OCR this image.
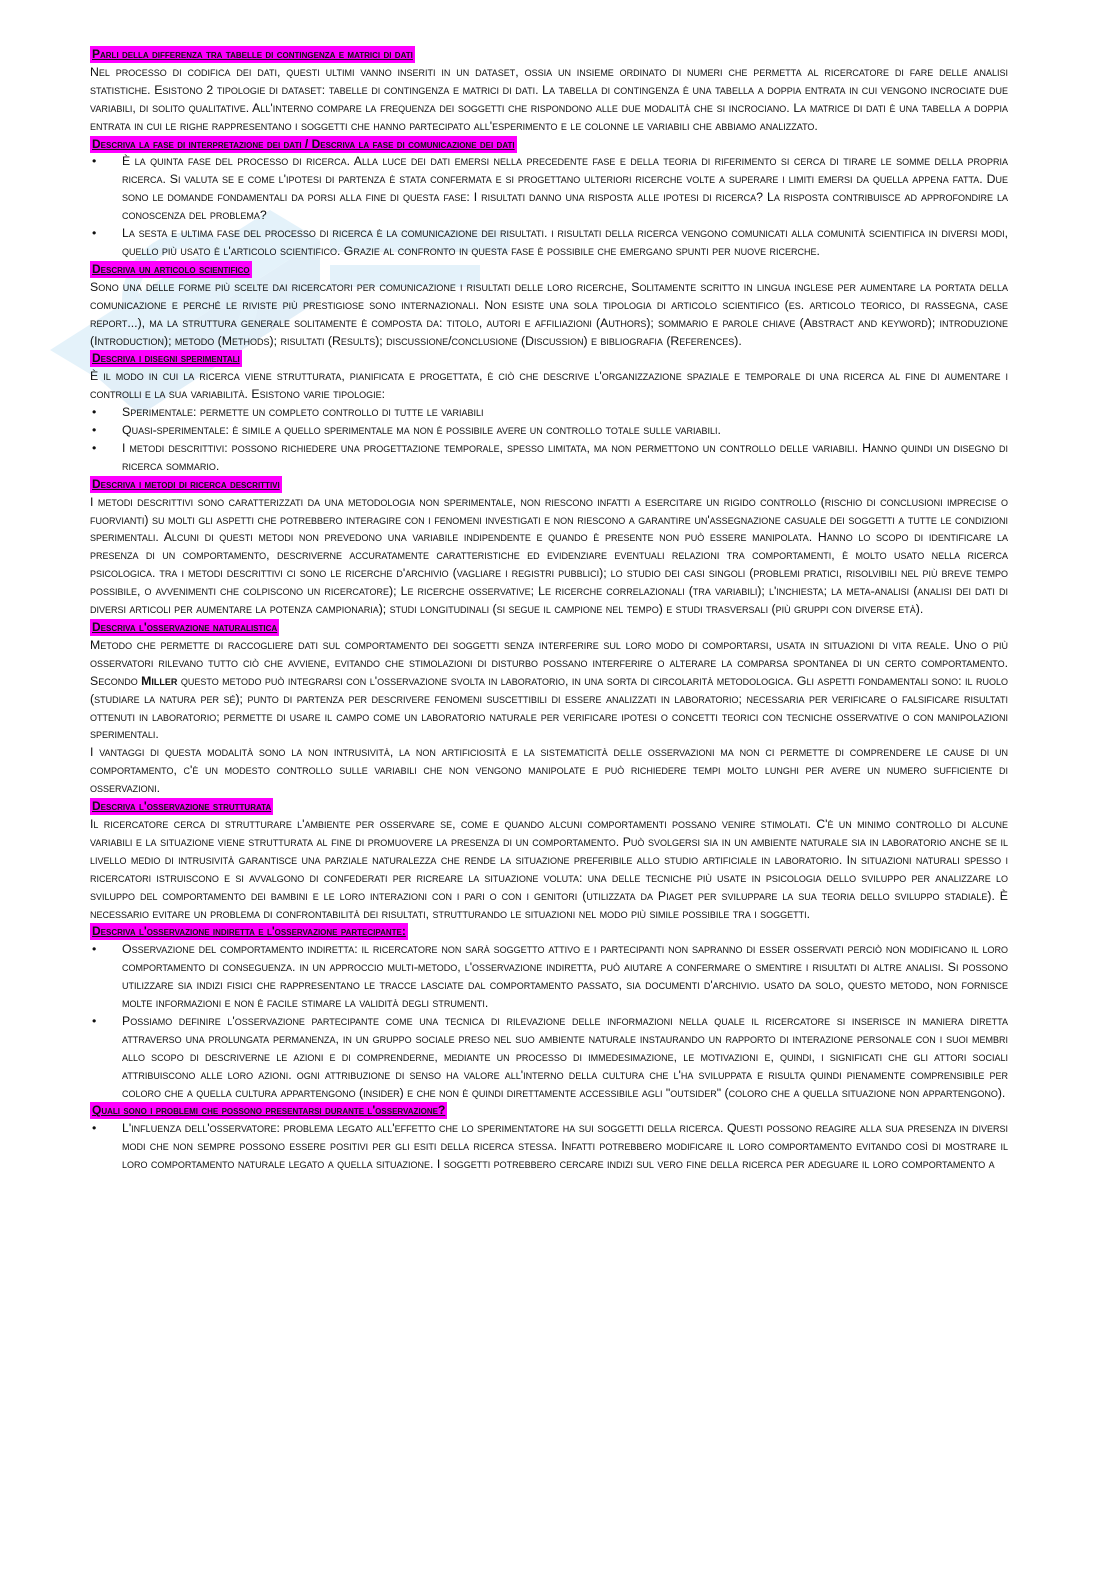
Parli della differenza tra tabelle di contingenza e matrici di dati

Nel processo di codifica dei dati, questi ultimi vanno inseriti in un dataset, ossia un insieme ordinato di numeri che permetta al ricercatore di fare delle analisi statistiche. Esistono 2 tipologie di dataset: tabelle di contingenza e matrici di dati. La tabella di contingenza è una tabella a doppia entrata in cui vengono incrociate due variabili, di solito qualitative. All'interno compare la frequenza dei soggetti che rispondono alle due modalità che si incrociano. La matrice di dati è una tabella a doppia entrata in cui le righe rappresentano i soggetti che hanno partecipato all'esperimento e le colonne le variabili che abbiamo analizzato.

Descriva la fase di interpretazione dei dati / Descriva la fase di comunicazione dei dati
• È la quinta fase del processo di ricerca. Alla luce dei dati emersi nella precedente fase e della teoria di riferimento si cerca di tirare le somme della propria ricerca. Si valuta se e come l'ipotesi di partenza è stata confermata e si progettano ulteriori ricerche volte a superare i limiti emersi da quella appena fatta. Due sono le domande fondamentali da porsi alla fine di questa fase: I risultati danno una risposta alle ipotesi di ricerca? La risposta contribuisce ad approfondire la conoscenza del problema?
• La sesta e ultima fase del processo di ricerca è la comunicazione dei risultati. i risultati della ricerca vengono comunicati alla comunità scientifica in diversi modi, quello più usato è l'articolo scientifico. Grazie al confronto in questa fase è possibile che emergano spunti per nuove ricerche.
Descriva un articolo scientifico

Sono una delle forme più scelte dai ricercatori per comunicazione i risultati delle loro ricerche, Solitamente scritto in lingua inglese per aumentare la portata della comunicazione e perché le riviste più prestigiose sono internazionali. Non esiste una sola tipologia di articolo scientifico (es. articolo teorico, di rassegna, case report...), ma la struttura generale solitamente è composta da: titolo, autori e affiliazioni (Authors); sommario e parole chiave (Abstract and keyword); introduzione (Introduction); metodo (Methods); risultati (Results); discussione/conclusione (Discussion) e bibliografia (References).

Descriva i disegni sperimentali

È il modo in cui la ricerca viene strutturata, pianificata e progettata, è ciò che descrive l'organizzazione spaziale e temporale di una ricerca al fine di aumentare i controlli e la sua variabilità. Esistono varie tipologie:

• Sperimentale: permette un completo controllo di tutte le variabili
• Quasi-sperimentale: è simile a quello sperimentale ma non è possibile avere un controllo totale sulle variabili.
• I metodi descrittivi: possono richiedere una progettazione temporale, spesso limitata, ma non permettono un controllo delle variabili. Hanno quindi un disegno di ricerca sommario.
Descriva i metodi di ricerca descrittivi

I metodi descrittivi sono caratterizzati da una metodologia non sperimentale, non riescono infatti a esercitare un rigido controllo (rischio di conclusioni imprecise o fuorvianti) su molti gli aspetti che potrebbero interagire con i fenomeni investigati e non riescono a garantire un'assegnazione casuale dei soggetti a tutte le condizioni sperimentali. Alcuni di questi metodi non prevedono una variabile indipendente e quando è presente non può essere manipolata. Hanno lo scopo di identificare la presenza di un comportamento, descriverne accuratamente caratteristiche ed evidenziare eventuali relazioni tra comportamenti, è molto usato nella ricerca psicologica. tra i metodi descrittivi ci sono le ricerche d'archivio (vagliare i registri pubblici); lo studio dei casi singoli (problemi pratici, risolvibili nel più breve tempo possibile, o avvenimenti che colpiscono un ricercatore); Le ricerche osservative; Le ricerche correlazionali (tra variabili); l'inchiesta; la meta-analisi (analisi dei dati di diversi articoli per aumentare la potenza campionaria); studi longitudinali (si segue il campione nel tempo) e studi trasversali (più gruppi con diverse età).

Descriva l'osservazione naturalistica

Metodo che permette di raccogliere dati sul comportamento dei soggetti senza interferire sul loro modo di comportarsi, usata in situazioni di vita reale. Uno o più osservatori rilevano tutto ciò che avviene, evitando che stimolazioni di disturbo possano interferire o alterare la comparsa spontanea di un certo comportamento. Secondo Miller questo metodo può integrarsi con l'osservazione svolta in laboratorio, in una sorta di circolarità metodologica. Gli aspetti fondamentali sono: il ruolo (studiare la natura per sé); punto di partenza per descrivere fenomeni suscettibili di essere analizzati in laboratorio; necessaria per verificare o falsificare risultati ottenuti in laboratorio; permette di usare il campo come un laboratorio naturale per verificare ipotesi o concetti teorici con tecniche osservative o con manipolazioni sperimentali.

I vantaggi di questa modalità sono la non intrusività, la non artificiosità e la sistematicità delle osservazioni ma non ci permette di comprendere le cause di un comportamento, c'è un modesto controllo sulle variabili che non vengono manipolate e può richiedere tempi molto lunghi per avere un numero sufficiente di osservazioni.

Descriva l'osservazione strutturata

Il ricercatore cerca di strutturare l'ambiente per osservare se, come e quando alcuni comportamenti possano venire stimolati. C'è un minimo controllo di alcune variabili e la situazione viene strutturata al fine di promuovere la presenza di un comportamento. Può svolgersi sia in un ambiente naturale sia in laboratorio anche se il livello medio di intrusività garantisce una parziale naturalezza che rende la situazione preferibile allo studio artificiale in laboratorio. In situazioni naturali spesso i ricercatori istruiscono e si avvalgono di confederati per ricreare la situazione voluta: una delle tecniche più usate in psicologia dello sviluppo per analizzare lo sviluppo del comportamento dei bambini e le loro interazioni con i pari o con i genitori (utilizzata da Piaget per sviluppare la sua teoria dello sviluppo stadiale). È necessario evitare un problema di confrontabilità dei risultati, strutturando le situazioni nel modo più simile possibile tra i soggetti.

Descriva l'osservazione indiretta e l'osservazione partecipante:
• Osservazione del comportamento indiretta: il ricercatore non sarà soggetto attivo e i partecipanti non sapranno di esser osservati perciò non modificano il loro comportamento di conseguenza. in un approccio multi-metodo, l'osservazione indiretta, può aiutare a confermare o smentire i risultati di altre analisi. Si possono utilizzare sia indizi fisici che rappresentano le tracce lasciate dal comportamento passato, sia documenti d'archivio. usato da solo, questo metodo, non fornisce molte informazioni e non è facile stimare la validità degli strumenti.
• Possiamo definire l'osservazione partecipante come una tecnica di rilevazione delle informazioni nella quale il ricercatore si inserisce in maniera diretta attraverso una prolungata permanenza, in un gruppo sociale preso nel suo ambiente naturale instaurando un rapporto di interazione personale con i suoi membri allo scopo di descriverne le azioni e di comprenderne, mediante un processo di immedesimazione, le motivazioni e, quindi, i significati che gli attori sociali attribuiscono alle loro azioni. ogni attribuzione di senso ha valore all'interno della cultura che l'ha sviluppata e risulta quindi pienamente comprensibile per coloro che a quella cultura appartengono (insider) e che non è quindi direttamente accessibile agli "outsider" (coloro che a quella situazione non appartengono).
Quali sono i problemi che possono presentarsi durante l'osservazione?
• L'influenza dell'osservatore: problema legato all'effetto che lo sperimentatore ha sui soggetti della ricerca. Questi possono reagire alla sua presenza in diversi modi che non sempre possono essere positivi per gli esiti della ricerca stessa. Infatti potrebbero modificare il loro comportamento evitando così di mostrare il loro comportamento naturale legato a quella situazione. I soggetti potrebbero cercare indizi sul vero fine della ricerca per adeguare il loro comportamento a
